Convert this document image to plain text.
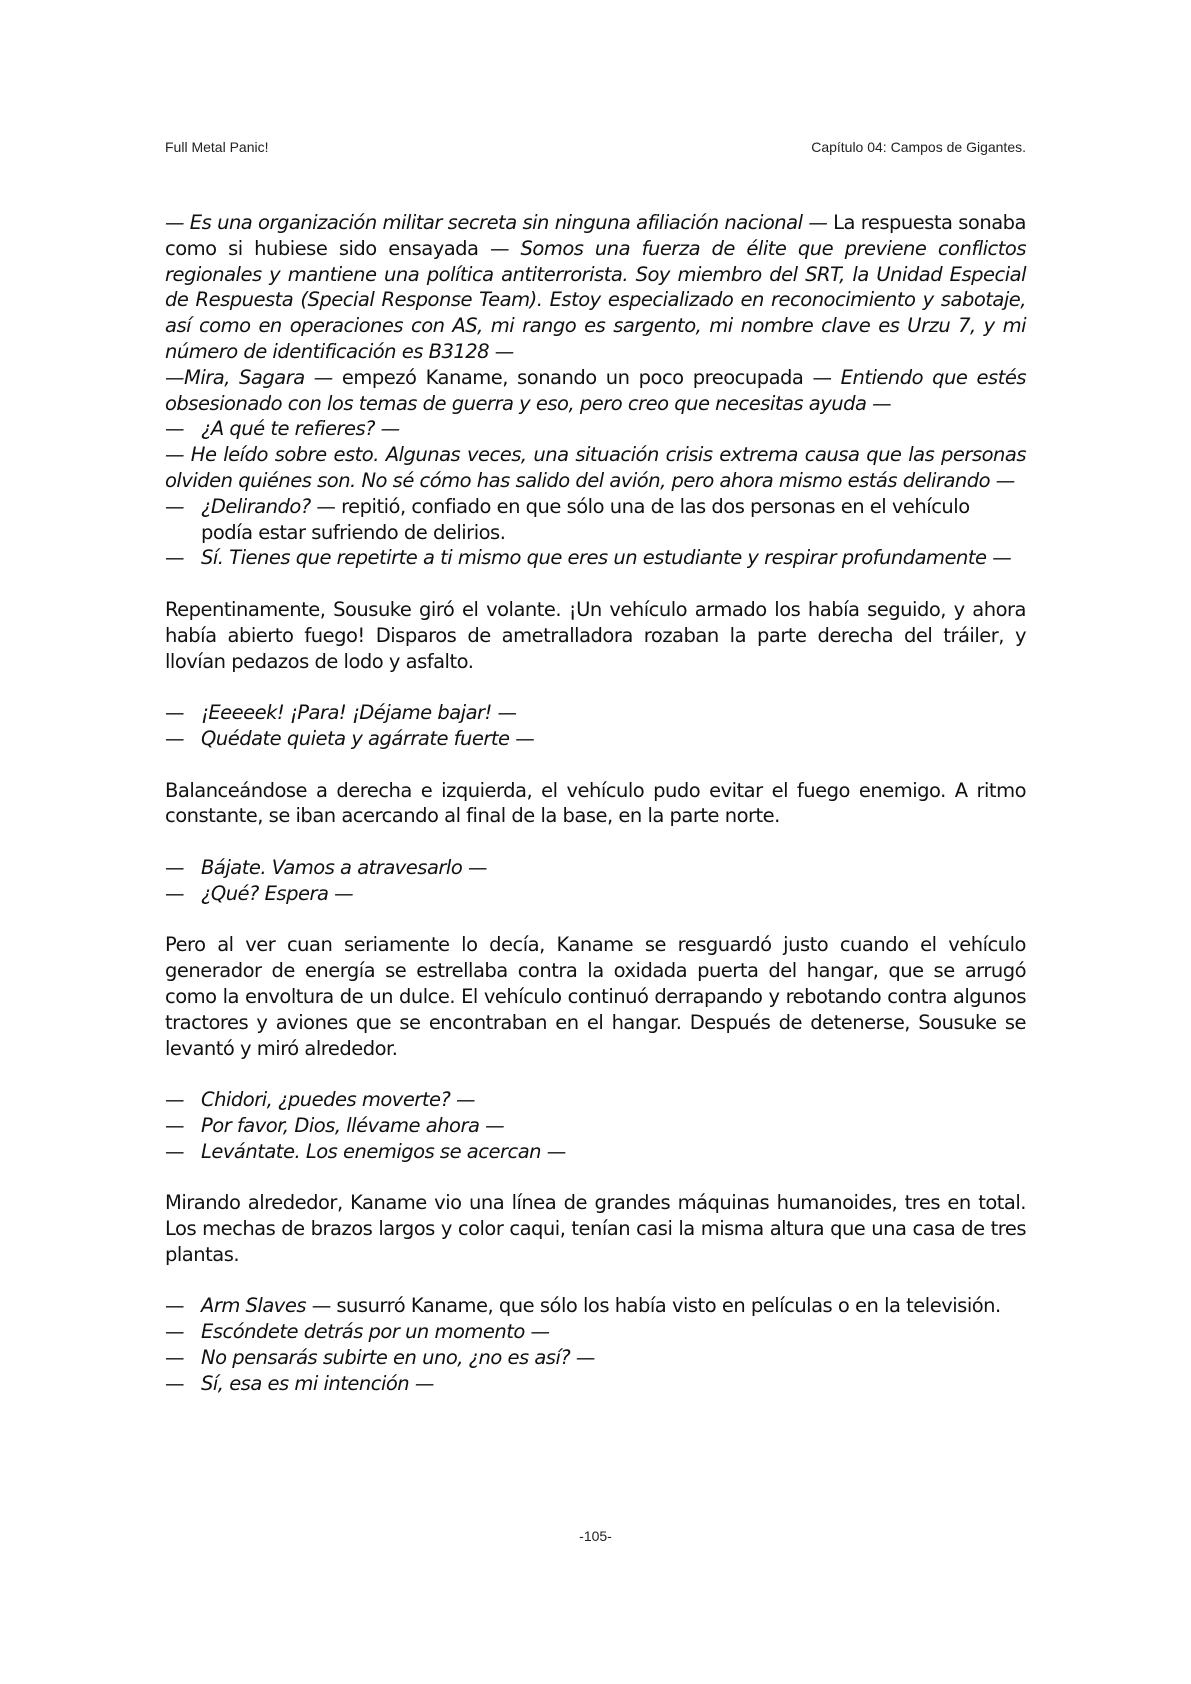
Full Metal Panic!	Capítulo 04: Campos de Gigantes.
— Es una organización militar secreta sin ninguna afiliación nacional — La respuesta sonaba como si hubiese sido ensayada — Somos una fuerza de élite que previene conflictos regionales y mantiene una política antiterrorista. Soy miembro del SRT, la Unidad Especial de Respuesta (Special Response Team). Estoy especializado en reconocimiento y sabotaje, así como en operaciones con AS, mi rango es sargento, mi nombre clave es Urzu 7, y mi número de identificación es B3128 —
—Mira, Sagara — empezó Kaname, sonando un poco preocupada — Entiendo que estés obsesionado con los temas de guerra y eso, pero creo que necesitas ayuda —
— ¿A qué te refieres? —
— He leído sobre esto. Algunas veces, una situación crisis extrema causa que las personas olviden quiénes son. No sé cómo has salido del avión, pero ahora mismo estás delirando —
— ¿Delirando? — repitió, confiado en que sólo una de las dos personas en el vehículo podía estar sufriendo de delirios.
— Sí. Tienes que repetirte a ti mismo que eres un estudiante y respirar profundamente —
Repentinamente, Sousuke giró el volante. ¡Un vehículo armado los había seguido, y ahora había abierto fuego! Disparos de ametralladora rozaban la parte derecha del tráiler, y llovían pedazos de lodo y asfalto.
— ¡Eeeeek! ¡Para! ¡Déjame bajar! —
— Quédate quieta y agárrate fuerte —
Balanceándose a derecha e izquierda, el vehículo pudo evitar el fuego enemigo. A ritmo constante, se iban acercando al final de la base, en la parte norte.
— Bájate. Vamos a atravesarlo —
— ¿Qué? Espera —
Pero al ver cuan seriamente lo decía, Kaname se resguardó justo cuando el vehículo generador de energía se estrellaba contra la oxidada puerta del hangar, que se arrugó como la envoltura de un dulce. El vehículo continuó derrapando y rebotando contra algunos tractores y aviones que se encontraban en el hangar. Después de detenerse, Sousuke se levantó y miró alrededor.
— Chidori, ¿puedes moverte? —
— Por favor, Dios, llévame ahora —
— Levántate. Los enemigos se acercan —
Mirando alrededor, Kaname vio una línea de grandes máquinas humanoides, tres en total. Los mechas de brazos largos y color caqui, tenían casi la misma altura que una casa de tres plantas.
— Arm Slaves — susurró Kaname, que sólo los había visto en películas o en la televisión.
— Escóndete detrás por un momento —
— No pensarás subirte en uno, ¿no es así? —
— Sí, esa es mi intención —
-105-
